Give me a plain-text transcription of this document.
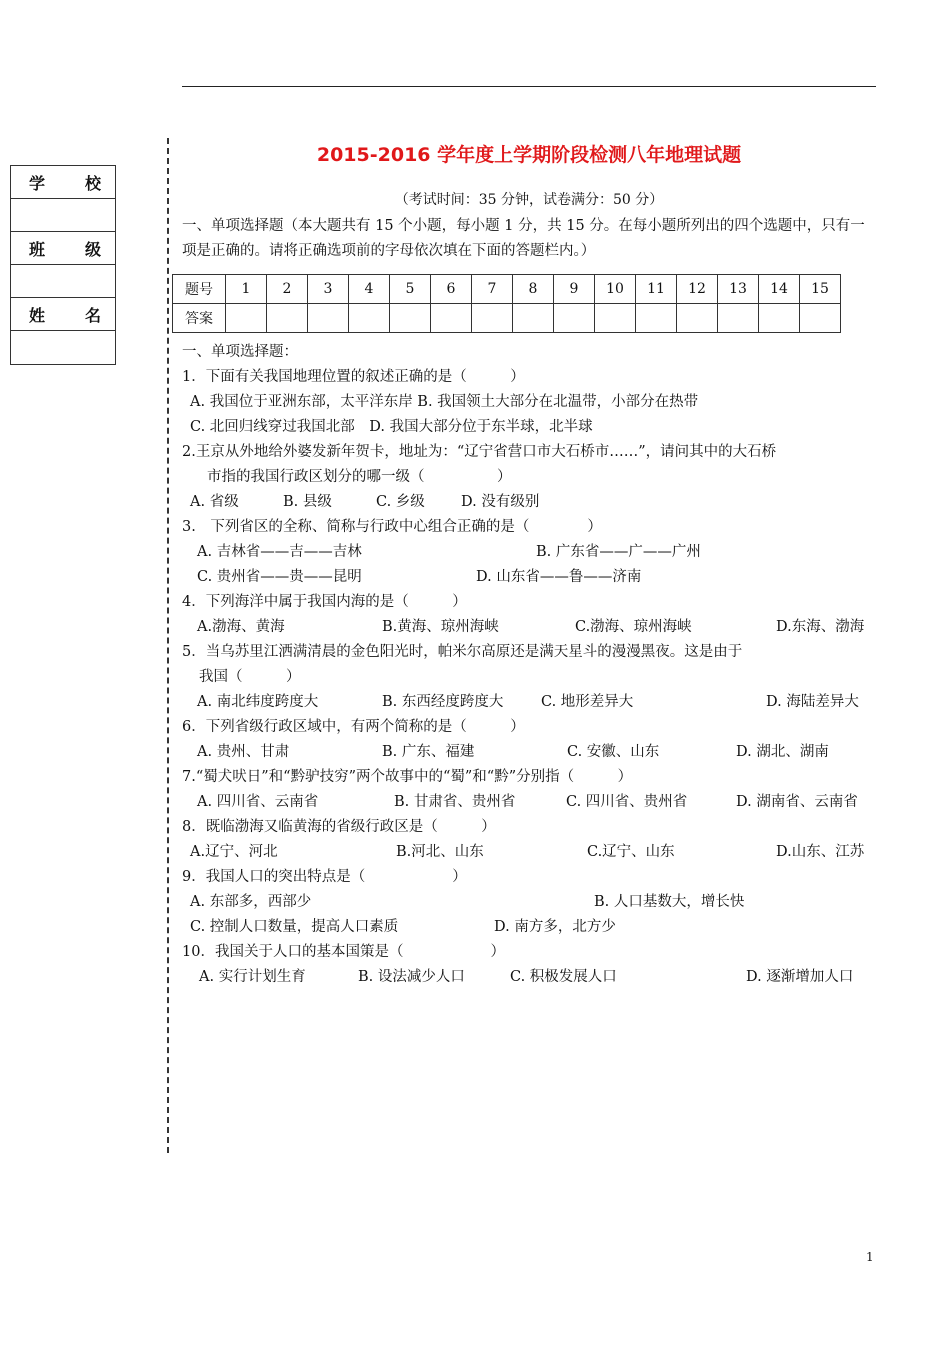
学 校
班 级
姓 名
2015-2016 学年度上学期阶段检测八年地理试题
（考试时间：35 分钟，试卷满分：50 分）
一、单项选择题（本大题共有 15 个小题，每小题 1 分，共 15 分。在每小题所列出的四个选题中，只有一项是正确的。请将正确选项前的字母依次填在下面的答题栏内。）
题号	1	2	3	4	5	6	7	8	9	10	11	12	13	14	15
答案															
一、单项选择题：
1．下面有关我国地理位置的叙述正确的是（　　　）
A. 我国位于亚洲东部，太平洋东岸 B. 我国领土大部分在北温带，小部分在热带
C. 北回归线穿过我国北部　D. 我国大部分位于东半球，北半球
2.王京从外地给外婆发新年贺卡，地址为：“辽宁省营口市大石桥市……”，请问其中的大石桥
市指的我国行政区划分的哪一级（　　　　　）
A. 省级	B. 县级	C. 乡级 D. 没有级别
3.　下列省区的全称、简称与行政中心组合正确的是（　　　　）
A. 吉林省——吉——吉林	B. 广东省——广——广州
C. 贵州省——贵——昆明	D. 山东省——鲁——济南
4．下列海洋中属于我国内海的是（　　　）
A.渤海、黄海	B.黄海、琼州海峡	C.渤海、琼州海峡	D.东海、渤海
5．当乌苏里江洒满清晨的金色阳光时，帕米尔高原还是满天星斗的漫漫黑夜。这是由于
我国（　　　）
A. 南北纬度跨度大	B. 东西经度跨度大	C. 地形差异大	D. 海陆差异大
6．下列省级行政区域中，有两个简称的是（　　　）
A. 贵州、甘肃	B. 广东、福建	C. 安徽、山东	D. 湖北、湖南
7.“蜀犬吠日”和“黔驴技穷”两个故事中的“蜀”和“黔”分别指（　　　）
A. 四川省、云南省	B. 甘肃省、贵州省	C. 四川省、贵州省	D. 湖南省、云南省
8．既临渤海又临黄海的省级行政区是（　　　）
A.辽宁、河北	B.河北、山东	C.辽宁、山东	D.山东、江苏
9．我国人口的突出特点是（　　　　　　）
A. 东部多，西部少	B. 人口基数大，增长快
C. 控制人口数量，提高人口素质	D. 南方多，北方少
10．我国关于人口的基本国策是（　　　　　　）
A. 实行计划生育	B. 设法减少人口	C. 积极发展人口	D. 逐渐增加人口
1
